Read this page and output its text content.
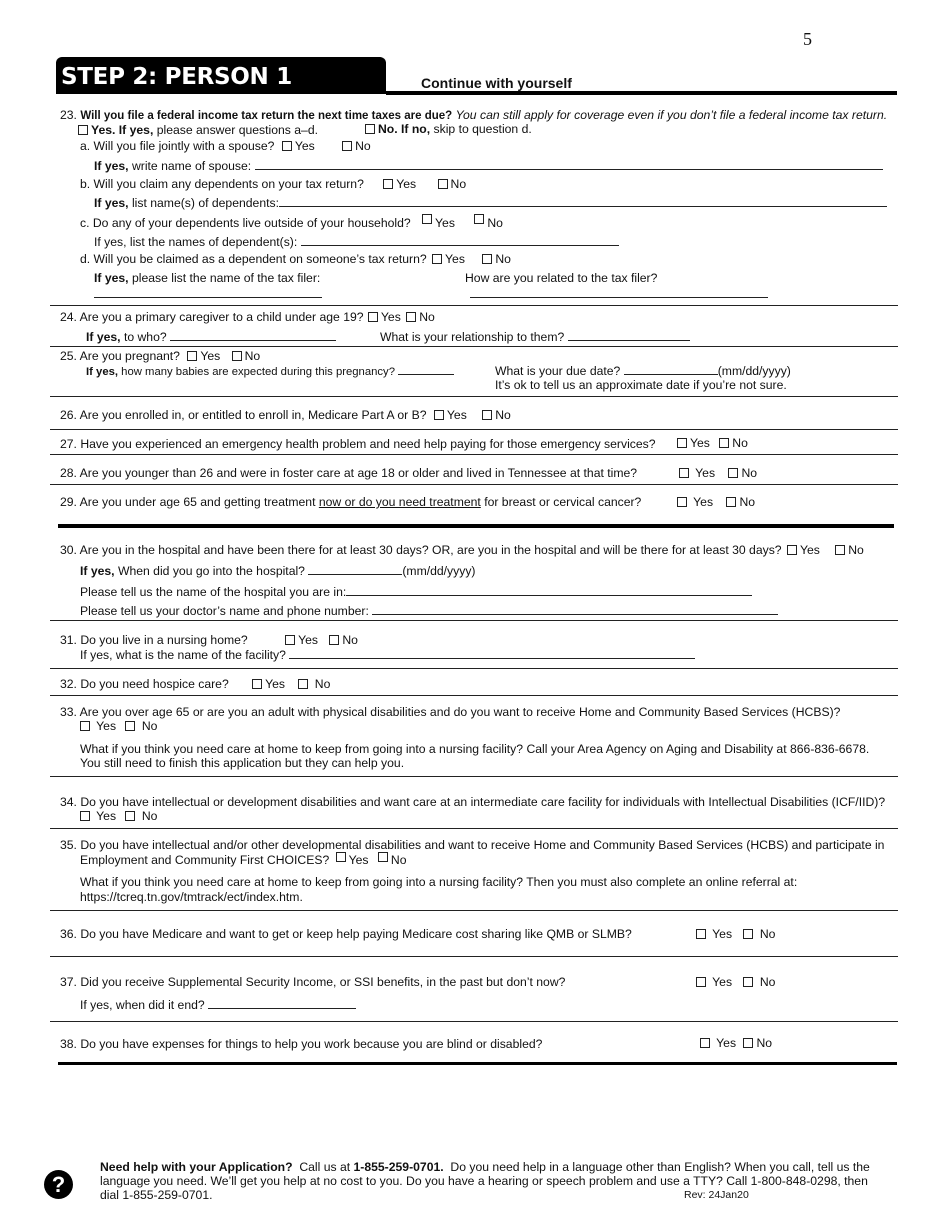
5
STEP 2: PERSON 1	Continue with yourself
23. Will you file a federal income tax return the next time taxes are due? You can still apply for coverage even if you don’t file a federal income tax return.
Yes. If yes, please answer questions a–d.	No. If no, skip to question d.
a. Will you file jointly with a spouse? Yes	No
If yes, write name of spouse:
b. Will you claim any dependents on your tax return?	Yes	No
If yes, list name(s) of dependents:
c. Do any of your dependents live outside of your household? Yes	No
If yes, list the names of dependent(s):
d. Will you be claimed as a dependent on someone’s tax return? Yes No
If yes, please list the name of the tax filer:	How are you related to the tax filer?
24. Are you a primary caregiver to a child under age 19? Yes No
If yes, to who?	What is your relationship to them?
25. Are you pregnant? Yes No
If yes, how many babies are expected during this pregnancy?	What is your due date?	(mm/dd/yyyy)
It’s ok to tell us an approximate date if you’re not sure.
26. Are you enrolled in, or entitled to enroll in, Medicare Part A or B? Yes No
27. Have you experienced an emergency health problem and need help paying for those emergency services?	Yes No
28. Are you younger than 26 and were in foster care at age 18 or older and lived in Tennessee at that time?	Yes No
29. Are you under age 65 and getting treatment now or do you need treatment for breast or cervical cancer?	Yes No
30. Are you in the hospital and have been there for at least 30 days? OR, are you in the hospital and will be there for at least 30 days? Yes No
If yes, When did you go into the hospital?	(mm/dd/yyyy)
Please tell us the name of the hospital you are in:
Please tell us your doctor’s name and phone number:
31. Do you live in a nursing home?	Yes No
If yes, what is the name of the facility?
32. Do you need hospice care?	Yes No
33. Are you over age 65 or are you an adult with physical disabilities and do you want to receive Home and Community Based Services (HCBS)?
Yes No
What if you think you need care at home to keep from going into a nursing facility? Call your Area Agency on Aging and Disability at 866-836-6678.
You still need to finish this application but they can help you.
34. Do you have intellectual or development disabilities and want care at an intermediate care facility for individuals with Intellectual Disabilities (ICF/IID)?
Yes No
35. Do you have intellectual and/or other developmental disabilities and want to receive Home and Community Based Services (HCBS) and participate in
Employment and Community First CHOICES? Yes No
What if you think you need care at home to keep from going into a nursing facility? Then you must also complete an online referral at:
https://tcreq.tn.gov/tmtrack/ect/index.htm.
36. Do you have Medicare and want to get or keep help paying Medicare cost sharing like QMB or SLMB?	Yes No
37. Did you receive Supplemental Security Income, or SSI benefits, in the past but don’t now?	Yes No
If yes, when did it end?
38. Do you have expenses for things to help you work because you are blind or disabled?	Yes No
?
Need help with your Application? Call us at 1-855-259-0701. Do you need help in a language other than English? When you call, tell us the
language you need. We’ll get you help at no cost to you. Do you have a hearing or speech problem and use a TTY? Call 1-800-848-0298, then
dial 1-855-259-0701.	Rev: 24Jan20
